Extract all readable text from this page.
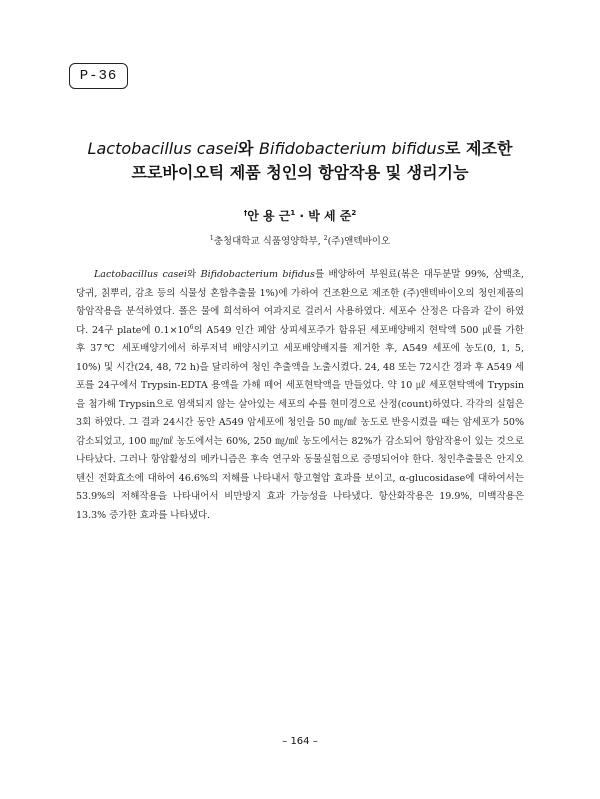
P-36
Lactobacillus casei와 Bifidobacterium bifidus로 제조한
프로바이오틱 제품 청인의 항암작용 및 생리기능
†안 용 근$^1$ · 박 세 준$^2$
$^1$충청대학교 식품영양학부, $^2$(주)앤텍바이오

Lactobacillus casei와 Bifidobacterium bifidus를 배양하여 부원료(볶은 대두분말 99%, 삼백초, 당귀, 칡뿌리, 감초 등의 식물성 혼합추출물 1%)에 가하여 건조환으로 제조한 (주)앤텍바이오의 청인제품의 항암작용을 분석하였다. 폴은 물에 희석하여 여과지로 걸러서 사용하였다. 세포수 산정은 다음과 같이 하였다. 24구 plate에 $0.1\times 10^6$의 A549 인간 폐암 상피세포주가 함유된 세포배양배지 현탁액 500 ㎕를 가한 후 37℃ 세포배양기에서 하루저녁 배양시키고 세포배양배지를 제거한 후, A549 세포에 농도(0, 1, 5, 10%) 및 시간(24, 48, 72 h)을 달리하여 청인 추출액을 노출시켰다. 24, 48 또는 72시간 경과 후 A549 세포를 24구에서 Trypsin-EDTA 용액을 가해 떼어 세포현탁액을 만들었다. 약 10 ㎕ 세포현탁액에 Trypsin을 첨가해 Trypsin으로 염색되지 않는 살아있는 세포의 수를 현미경으로 산정(count)하였다. 각각의 실험은 3회 하였다. 그 결과 24시간 동안 A549 암세포에 청인을 50 ㎎/㎖ 농도로 반응시켰을 때는 암세포가 50% 감소되었고, 100 ㎎/㎖ 농도에서는 60%, 250 ㎎/㎖ 농도에서는 82%가 감소되어 항암작용이 있는 것으로 나타났다. 그러나 항암활성의 메카니즘은 후속 연구와 동물실험으로 증명되어야 한다. 청인추출물은 안지오텐신 전화효소에 대하여 46.6%의 저해를 나타내서 항고혈압 효과를 보이고, α-glucosidase에 대하여서는 53.9%의 저해작용을 나타내어서 비만방지 효과 가능성을 나타냈다. 항산화작용은 19.9%, 미백작용은 13.3% 증가한 효과를 나타냈다.

– 164 –
